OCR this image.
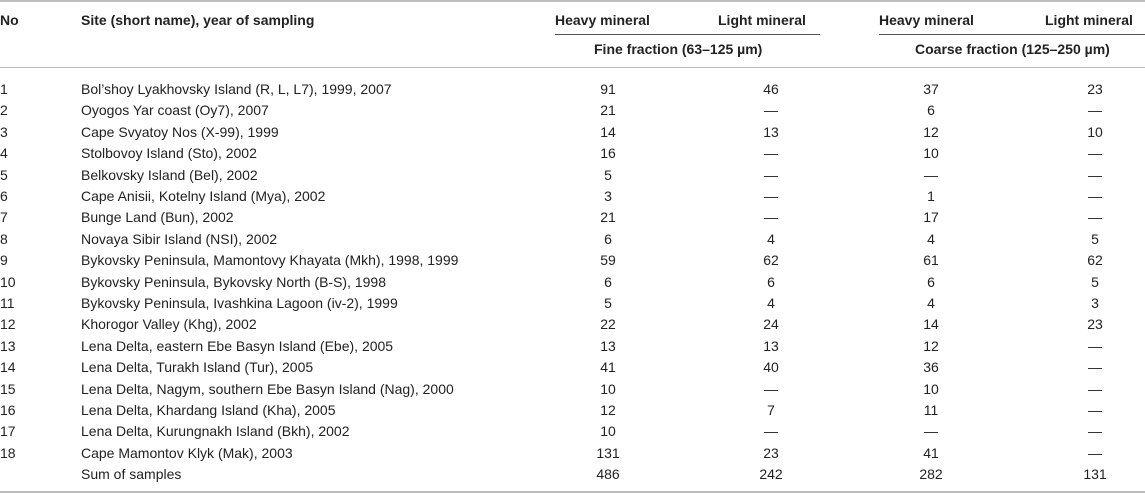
No	Site (short name), year of sampling	Heavy mineral	Light mineral	Heavy mineral	Light mineral
Fine fraction (63–125 µm)	Coarse fraction (125–250 µm)
1	Bol’shoy Lyakhovsky Island (R, L, L7), 1999, 2007	91	46	37	23
2	Oyogos Yar coast (Oy7), 2007	21	—	6	—
3	Cape Svyatoy Nos (X-99), 1999	14	13	12	10
4	Stolbovoy Island (Sto), 2002	16	—	10	—
5	Belkovsky Island (Bel), 2002	5	—	—	—
6	Cape Anisii, Kotelny Island (Mya), 2002	3	—	1	—
7	Bunge Land (Bun), 2002	21	—	17	—
8	Novaya Sibir Island (NSI), 2002	6	4	4	5
9	Bykovsky Peninsula, Mamontovy Khayata (Mkh), 1998, 1999	59	62	61	62
10	Bykovsky Peninsula, Bykovsky North (B-S), 1998	6	6	6	5
11	Bykovsky Peninsula, Ivashkina Lagoon (iv-2), 1999	5	4	4	3
12	Khorogor Valley (Khg), 2002	22	24	14	23
13	Lena Delta, eastern Ebe Basyn Island (Ebe), 2005	13	13	12	—
14	Lena Delta, Turakh Island (Tur), 2005	41	40	36	—
15	Lena Delta, Nagym, southern Ebe Basyn Island (Nag), 2000	10	—	10	—
16	Lena Delta, Khardang Island (Kha), 2005	12	7	11	—
17	Lena Delta, Kurungnakh Island (Bkh), 2002	10	—	—	—
18	Cape Mamontov Klyk (Mak), 2003	131	23	41	—
Sum of samples	486	242	282	131
